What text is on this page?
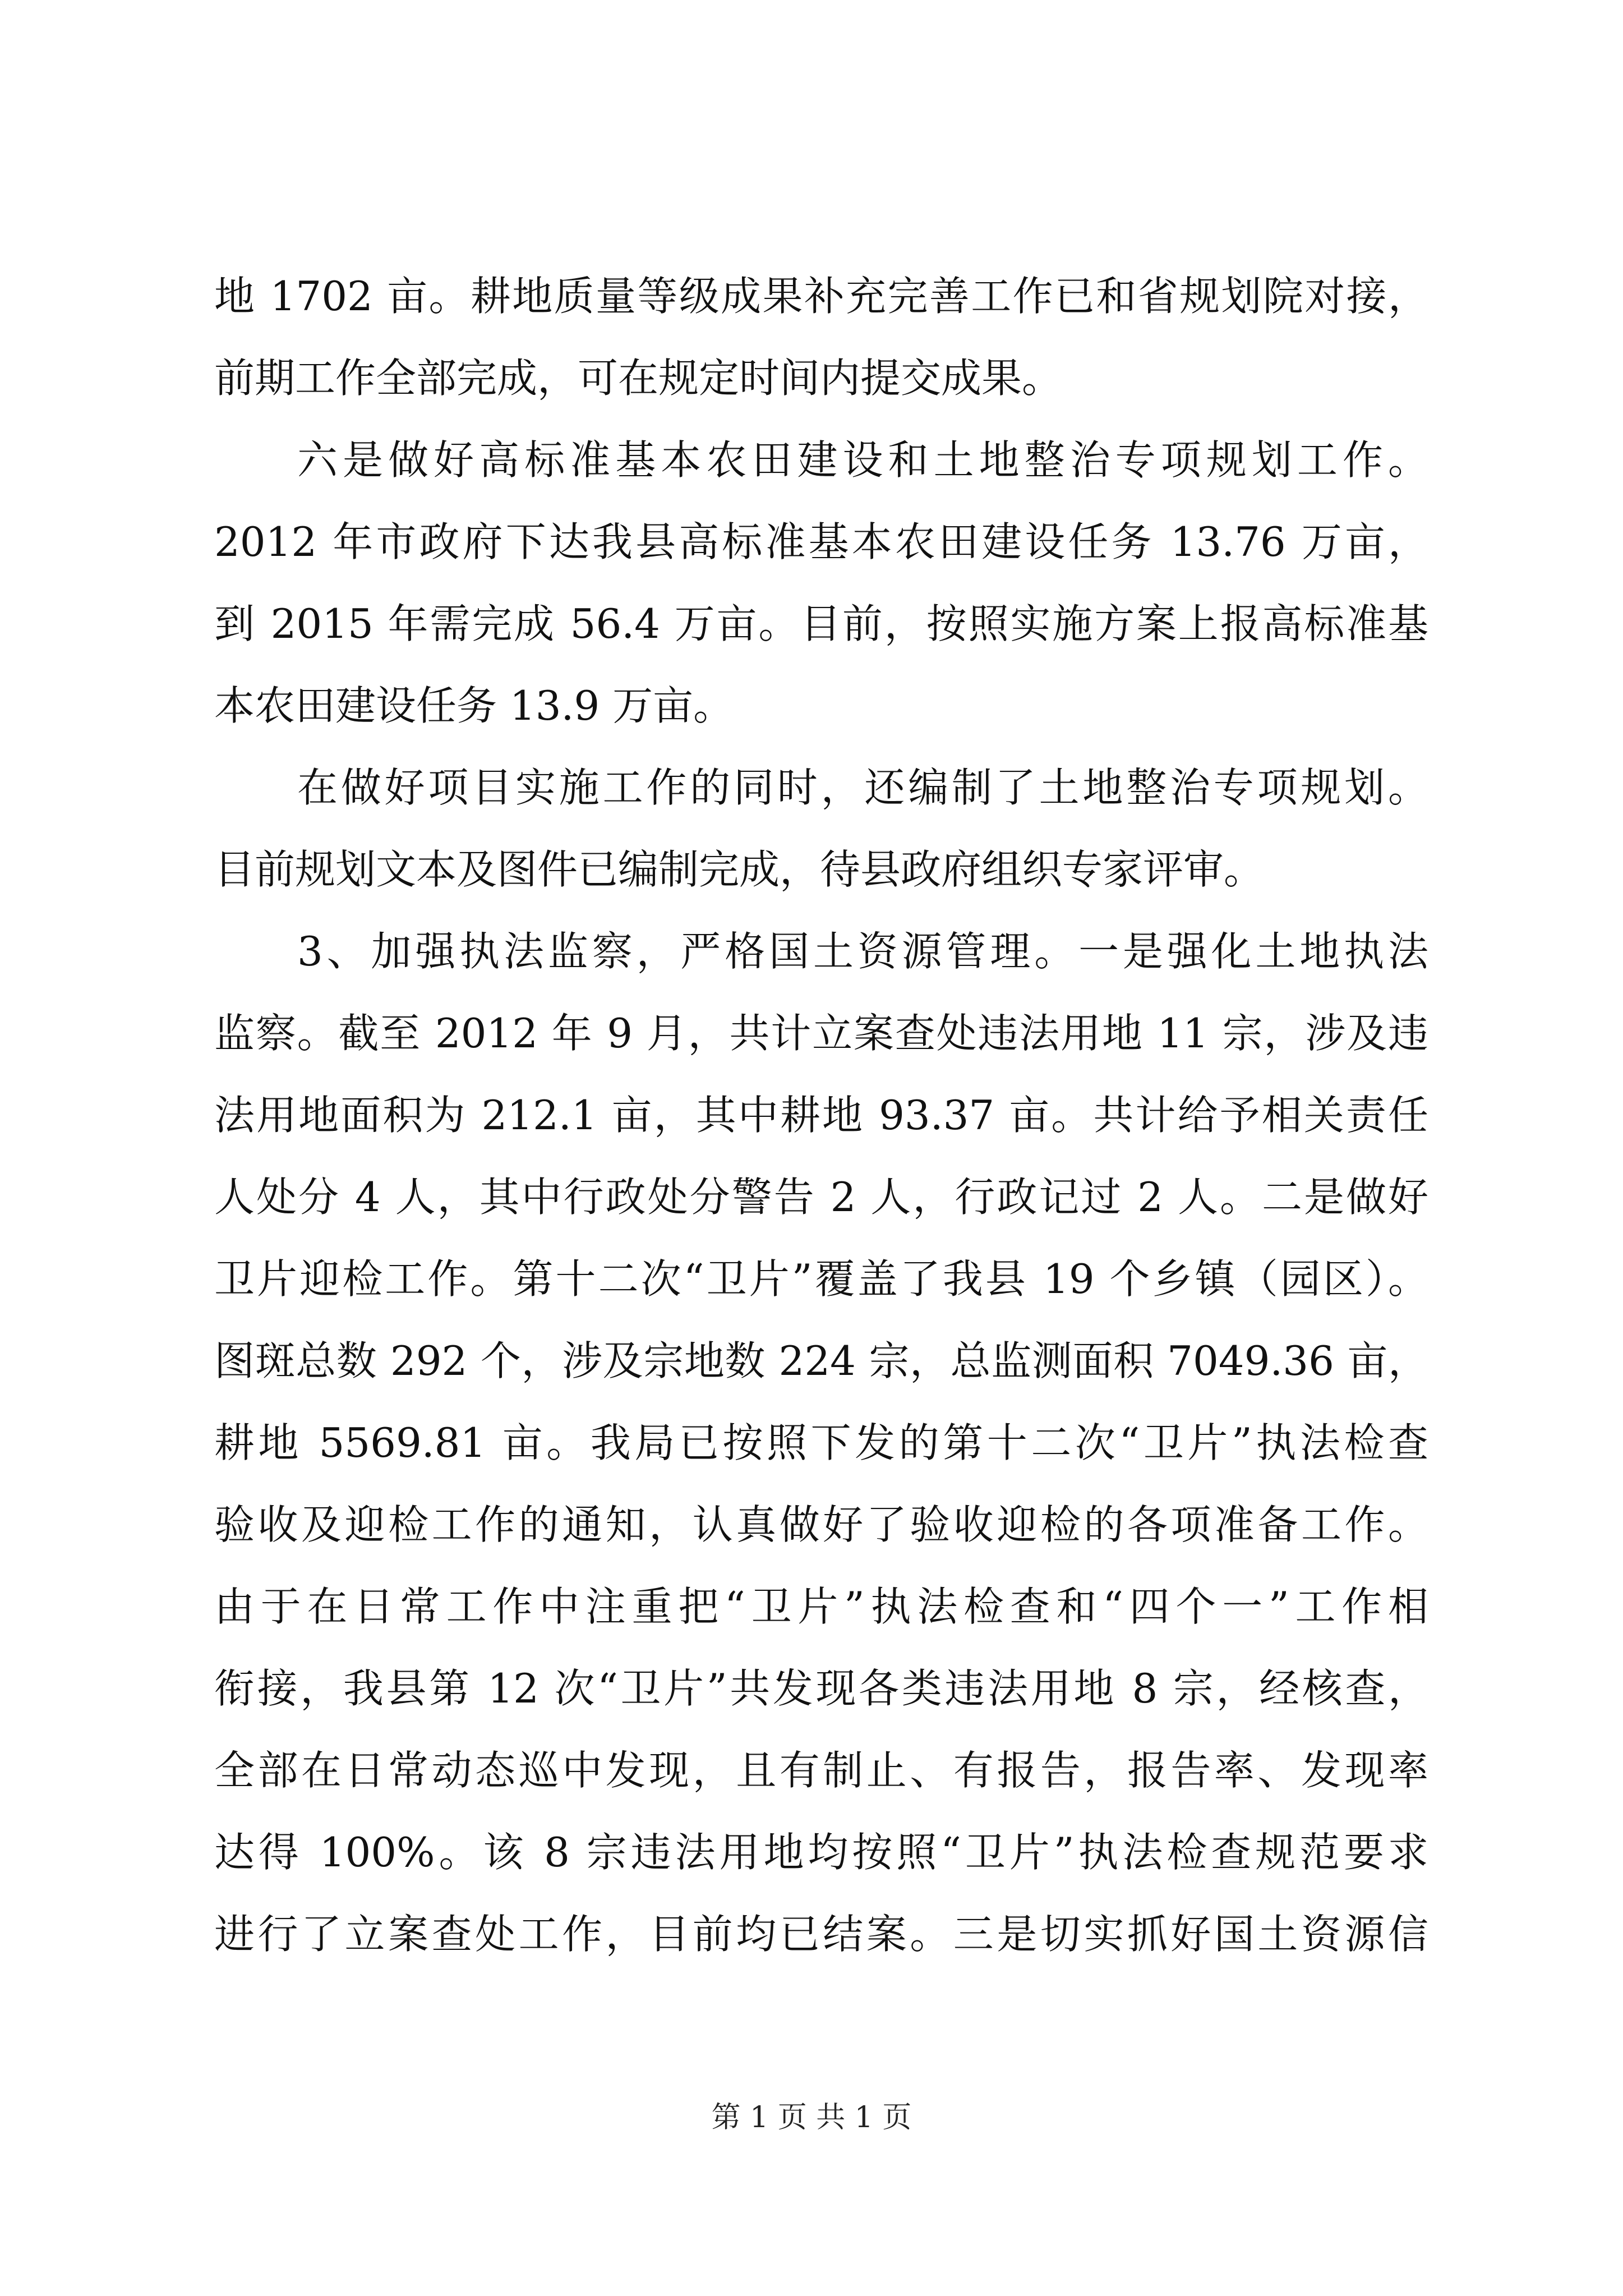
地 1702 亩。耕地质量等级成果补充完善工作已和省规划院对接，
前期工作全部完成，可在规定时间内提交成果。
六是做好高标准基本农田建设和土地整治专项规划工作。
2012 年市政府下达我县高标准基本农田建设任务 13.76 万亩，
到 2015 年需完成 56.4 万亩。目前，按照实施方案上报高标准基
本农田建设任务 13.9 万亩。
在做好项目实施工作的同时，还编制了土地整治专项规划。
目前规划文本及图件已编制完成，待县政府组织专家评审。
3、加强执法监察，严格国土资源管理。一是强化土地执法
监察。截至 2012 年 9 月，共计立案查处违法用地 11 宗，涉及违
法用地面积为 212.1 亩，其中耕地 93.37 亩。共计给予相关责任
人处分 4 人，其中行政处分警告 2 人，行政记过 2 人。二是做好
卫片迎检工作。第十二次“卫片”覆盖了我县 19 个乡镇（园区）。
图斑总数 292 个，涉及宗地数 224 宗，总监测面积 7049.36 亩，
耕地 5569.81 亩。我局已按照下发的第十二次“卫片”执法检查
验收及迎检工作的通知，认真做好了验收迎检的各项准备工作。
由于在日常工作中注重把“卫片”执法检查和“四个一”工作相
衔接，我县第 12 次“卫片”共发现各类违法用地 8 宗，经核查，
全部在日常动态巡中发现，且有制止、有报告，报告率、发现率
达得 100%。该 8 宗违法用地均按照“卫片”执法检查规范要求
进行了立案查处工作，目前均已结案。三是切实抓好国土资源信
第 1 页 共 1 页
